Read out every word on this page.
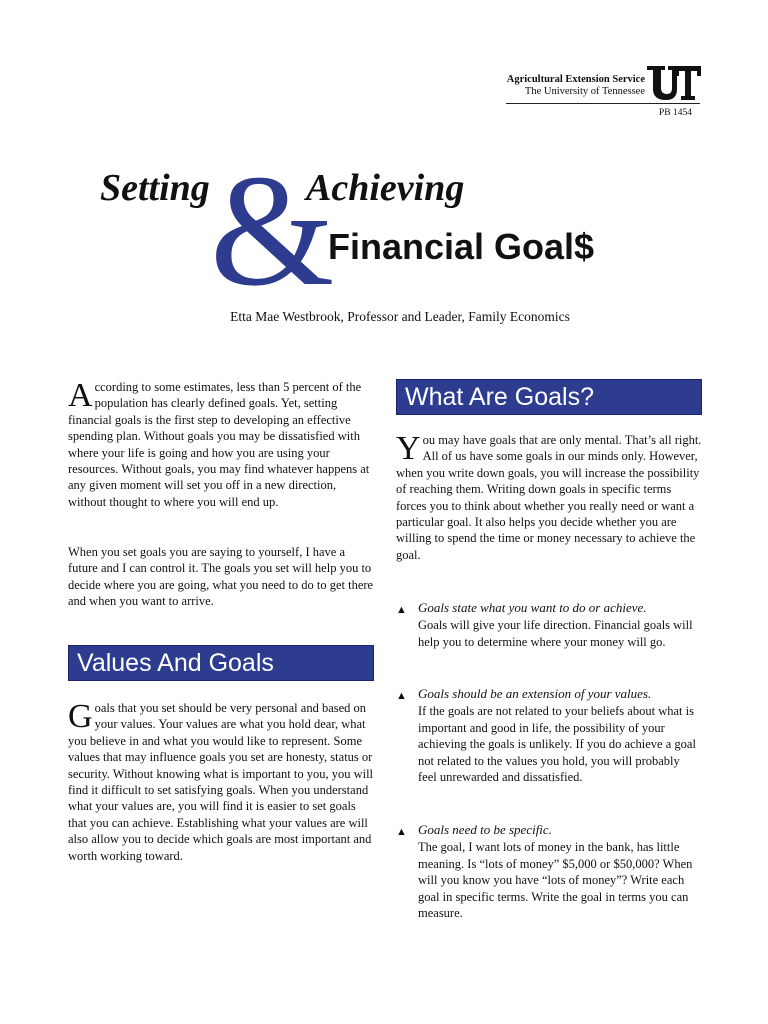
Agricultural Extension Service
The University of Tennessee
PB 1454
&
Setting	Achieving
Financial Goal$
Etta Mae Westbrook, Professor and Leader, Family Economics
A ccording to some estimates, less than 5 percent of the population has clearly defined goals. Yet, setting financial goals is the first step to developing an effective spending plan. Without goals you may be dissatisfied with where your life is going and how you are using your resources. Without goals, you may find whatever happens at any given moment will set you off in a new direction, without thought to where you will end up.

When you set goals you are saying to yourself, I have a future and I can control it. The goals you set will help you to decide where you are going, what you need to do to get there and when you want to arrive.

Values And Goals
G oals that you set should be very personal and based on your values. Your values are what you hold dear, what you believe in and what you would like to represent. Some values that may influence goals you set are honesty, status or security. Without knowing what is important to you, you will find it difficult to set satisfying goals. When you understand what your values are, you will find it is easier to set goals that you can achieve. Establishing what your values are will also allow you to decide which goals are most important and worth working toward.

What Are Goals?
Y ou may have goals that are only mental. That’s all right. All of us have some goals in our minds only. However, when you write down goals, you will increase the possibility of reaching them. Writing down goals in specific terms forces you to think about whether you really need or want a particular goal. It also helps you decide whether you are willing to spend the time or money necessary to achieve the goal.

▲ Goals state what you want to do or achieve.
Goals will give your life direction. Financial goals will help you to determine where your money will go.
▲ Goals should be an extension of your values.
If the goals are not related to your beliefs about what is important and good in life, the possibility of your achieving the goals is unlikely. If you do achieve a goal not related to the values you hold, you will probably feel unrewarded and dissatisfied.
▲ Goals need to be specific.
The goal, I want lots of money in the bank, has little meaning. Is “lots of money” $5,000 or $50,000? When will you know you have “lots of money”? Write each goal in specific terms. Write the goal in terms you can measure.
